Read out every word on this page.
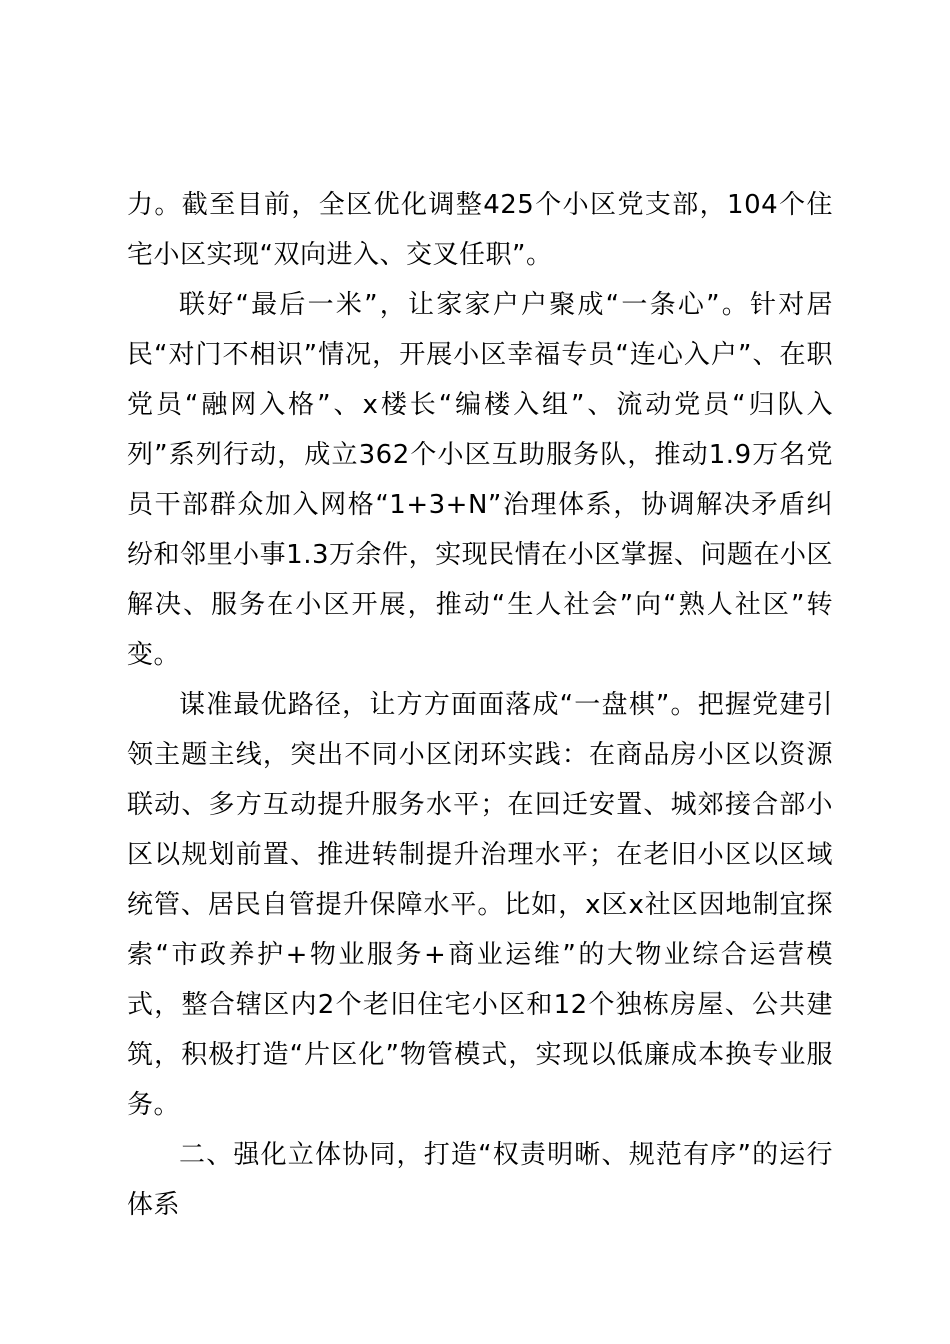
力。截至目前，全区优化调整425个小区党支部，104个住宅小区实现“双向进入、交叉任职”。

联好“最后一米”，让家家户户聚成“一条心”。针对居民“对门不相识”情况，开展小区幸福专员“连心入户”、在职党员“融网入格”、x楼长“编楼入组”、流动党员“归队入列”系列行动，成立362个小区互助服务队，推动1.9万名党员干部群众加入网格“1+3+N”治理体系，协调解决矛盾纠纷和邻里小事1.3万余件，实现民情在小区掌握、问题在小区解决、服务在小区开展，推动“生人社会”向“熟人社区”转变。

谋准最优路径，让方方面面落成“一盘棋”。把握党建引领主题主线，突出不同小区闭环实践：在商品房小区以资源联动、多方互动提升服务水平；在回迁安置、城郊接合部小区以规划前置、推进转制提升治理水平；在老旧小区以区域统管、居民自管提升保障水平。比如，x区x社区因地制宜探索“市政养护+物业服务+商业运维”的大物业综合运营模式，整合辖区内2个老旧住宅小区和12个独栋房屋、公共建筑，积极打造“片区化”物管模式，实现以低廉成本换专业服务。

二、强化立体协同，打造“权责明晰、规范有序”的运行体系
